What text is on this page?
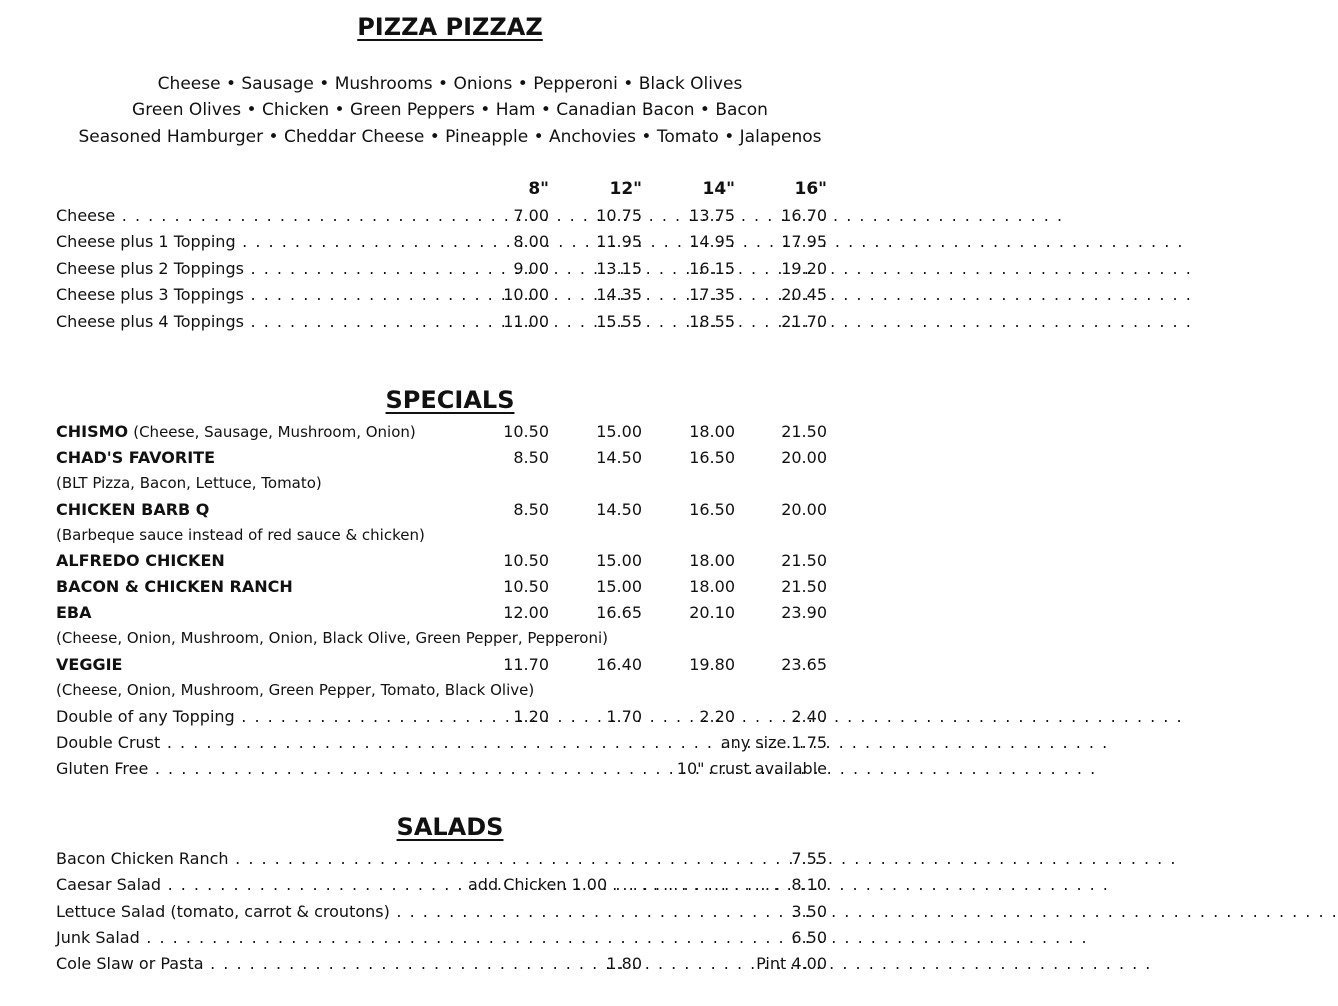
PIZZA PIZZAZ
Cheese • Sausage • Mushrooms • Onions • Pepperoni • Black Olives
Green Olives • Chicken • Green Peppers • Ham • Canadian Bacon • Bacon
Seasoned Hamburger • Cheddar Cheese • Pineapple • Anchovies • Tomato • Jalapenos
8"	12"	14"	16"
Cheese . . .	7.00	10.75	13.75	16.70
Cheese plus 1 Topping . . .	8.00	11.95	14.95	17.95
Cheese plus 2 Toppings . . .	9.00	13.15	16.15	19.20
Cheese plus 3 Toppings . . .	10.00	14.35	17.35	20.45
Cheese plus 4 Toppings . . .	11.00	15.55	18.55	21.70
SPECIALS
CHISMO (Cheese, Sausage, Mushroom, Onion)	10.50	15.00	18.00	21.50
CHAD'S FAVORITE	8.50	14.50	16.50	20.00
(BLT Pizza, Bacon, Lettuce, Tomato)
CHICKEN BARB Q	8.50	14.50	16.50	20.00
(Barbeque sauce instead of red sauce & chicken)
ALFREDO CHICKEN	10.50	15.00	18.00	21.50
BACON & CHICKEN RANCH	10.50	15.00	18.00	21.50
EBA	12.00	16.65	20.10	23.90
(Cheese, Onion, Mushroom, Onion, Black Olive, Green Pepper, Pepperoni)
VEGGIE	11.70	16.40	19.80	23.65
(Cheese, Onion, Mushroom, Green Pepper, Tomato, Black Olive)
Double of any Topping . . .	1.20	1.70	2.20	2.40
Double Crust . . .	any size 1.75
Gluten Free . . .	10" crust available
SALADS
Bacon Chicken Ranch . . .	7.55
Caesar Salad . . .	add Chicken 1.00 . . . . . . . . . . . . . . . . . 8.10
Lettuce Salad (tomato, carrot & croutons) . . .	3.50
Junk Salad . . .	6.50
Cole Slaw or Pasta . . .	1.80	Pint 4.00
